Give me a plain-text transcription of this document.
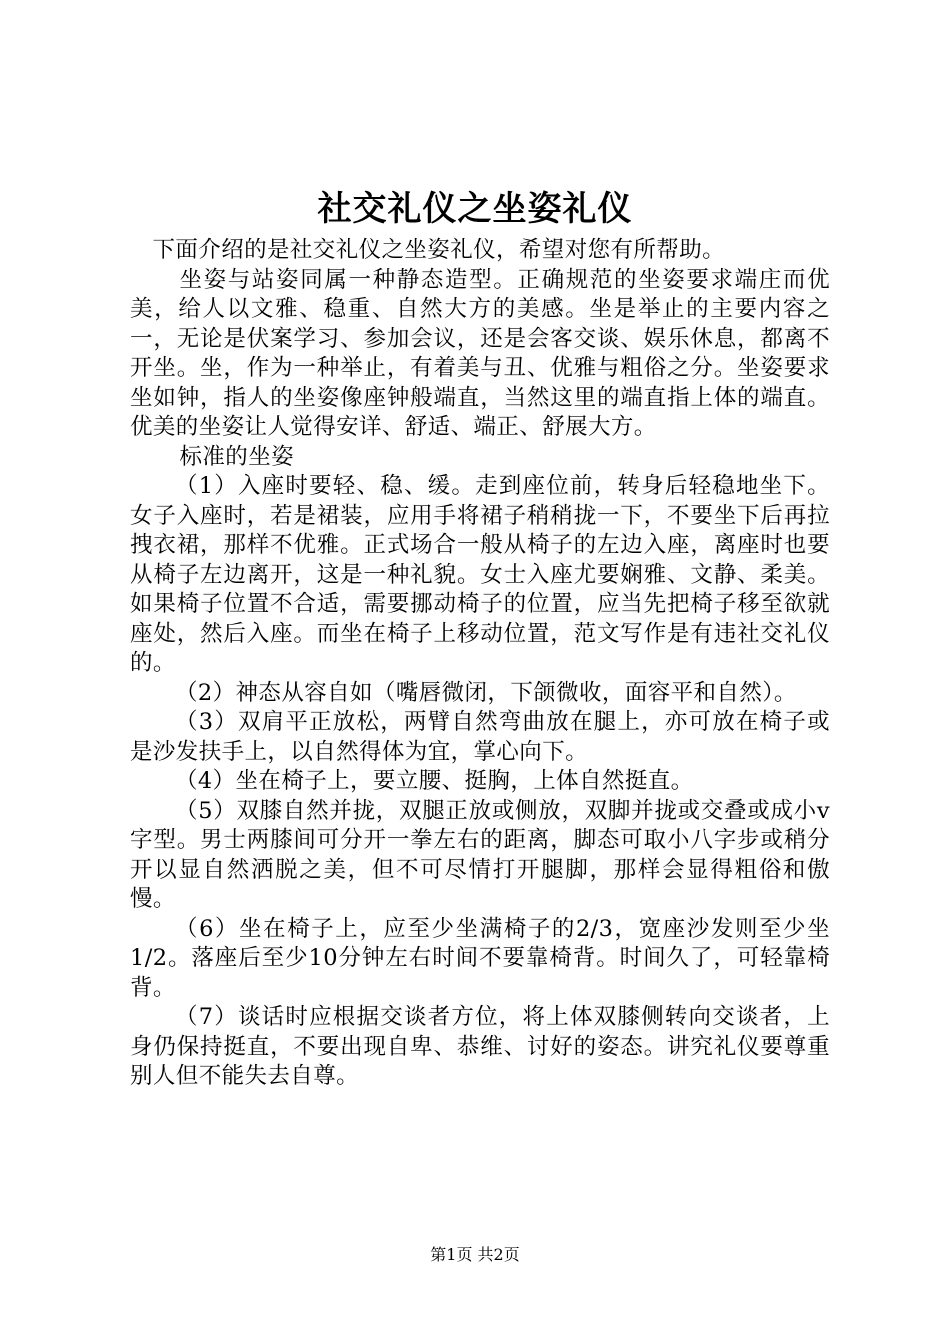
社交礼仪之坐姿礼仪

下面介绍的是社交礼仪之坐姿礼仪，希望对您有所帮助。

坐姿与站姿同属一种静态造型。正确规范的坐姿要求端庄而优美，给人以文雅、稳重、自然大方的美感。坐是举止的主要内容之一，无论是伏案学习、参加会议，还是会客交谈、娱乐休息，都离不开坐。坐，作为一种举止，有着美与丑、优雅与粗俗之分。坐姿要求坐如钟，指人的坐姿像座钟般端直，当然这里的端直指上体的端直。优美的坐姿让人觉得安详、舒适、端正、舒展大方。

标准的坐姿

（1）入座时要轻、稳、缓。走到座位前，转身后轻稳地坐下。女子入座时，若是裙装，应用手将裙子稍稍拢一下，不要坐下后再拉拽衣裙，那样不优雅。正式场合一般从椅子的左边入座，离座时也要从椅子左边离开，这是一种礼貌。女士入座尤要娴雅、文静、柔美。如果椅子位置不合适，需要挪动椅子的位置，应当先把椅子移至欲就座处，然后入座。而坐在椅子上移动位置，范文写作是有违社交礼仪的。

（2）神态从容自如（嘴唇微闭，下颌微收，面容平和自然）。

（3）双肩平正放松，两臂自然弯曲放在腿上，亦可放在椅子或是沙发扶手上，以自然得体为宜，掌心向下。

（4）坐在椅子上，要立腰、挺胸，上体自然挺直。

（5）双膝自然并拢，双腿正放或侧放，双脚并拢或交叠或成小v字型。男士两膝间可分开一拳左右的距离，脚态可取小八字步或稍分开以显自然洒脱之美，但不可尽情打开腿脚，那样会显得粗俗和傲慢。

（6）坐在椅子上，应至少坐满椅子的2/3，宽座沙发则至少坐1/2。落座后至少10分钟左右时间不要靠椅背。时间久了，可轻靠椅背。

（7）谈话时应根据交谈者方位，将上体双膝侧转向交谈者，上身仍保持挺直，不要出现自卑、恭维、讨好的姿态。讲究礼仪要尊重别人但不能失去自尊。

第1页 共2页
